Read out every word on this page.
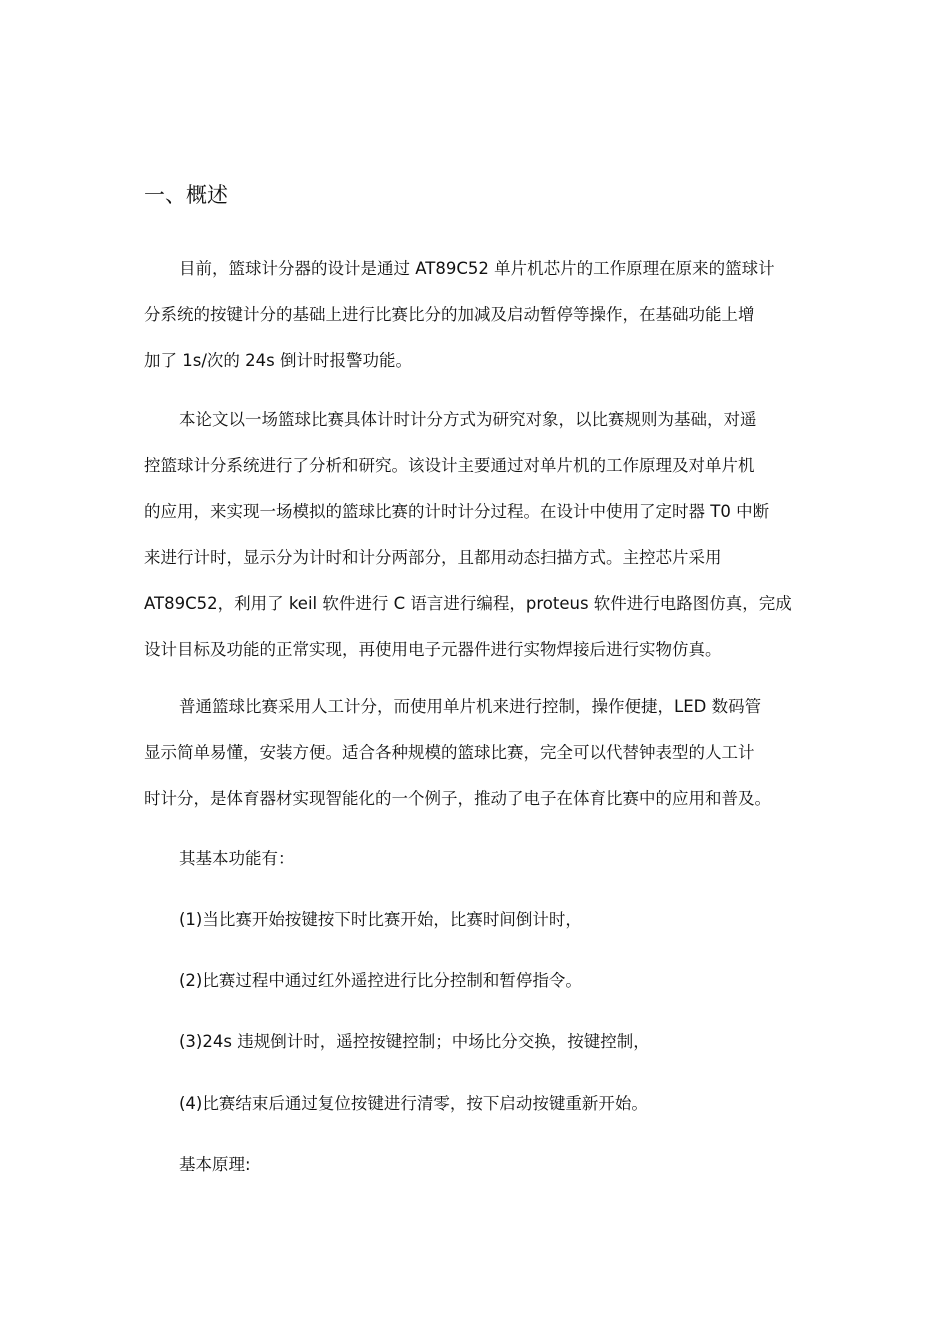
一、概述

目前，篮球计分器的设计是通过 AT89C52 单片机芯片的工作原理在原来的篮球计
分系统的按键计分的基础上进行比赛比分的加减及启动暂停等操作，在基础功能上增
加了 1s/次的 24s 倒计时报警功能。

本论文以一场篮球比赛具体计时计分方式为研究对象，以比赛规则为基础，对遥
控篮球计分系统进行了分析和研究。该设计主要通过对单片机的工作原理及对单片机
的应用，来实现一场模拟的篮球比赛的计时计分过程。在设计中使用了定时器 T0 中断
来进行计时，显示分为计时和计分两部分，且都用动态扫描方式。主控芯片采用
AT89C52，利用了 keil 软件进行 C 语言进行编程，proteus 软件进行电路图仿真，完成
设计目标及功能的正常实现，再使用电子元器件进行实物焊接后进行实物仿真。

普通篮球比赛采用人工计分，而使用单片机来进行控制，操作便捷，LED 数码管
显示简单易懂，安装方便。适合各种规模的篮球比赛，完全可以代替钟表型的人工计
时计分，是体育器材实现智能化的一个例子，推动了电子在体育比赛中的应用和普及。

其基本功能有：

(1)当比赛开始按键按下时比赛开始，比赛时间倒计时，

(2)比赛过程中通过红外遥控进行比分控制和暂停指令。

(3)24s 违规倒计时，遥控按键控制；中场比分交换，按键控制，

(4)比赛结束后通过复位按键进行清零，按下启动按键重新开始。

基本原理:
